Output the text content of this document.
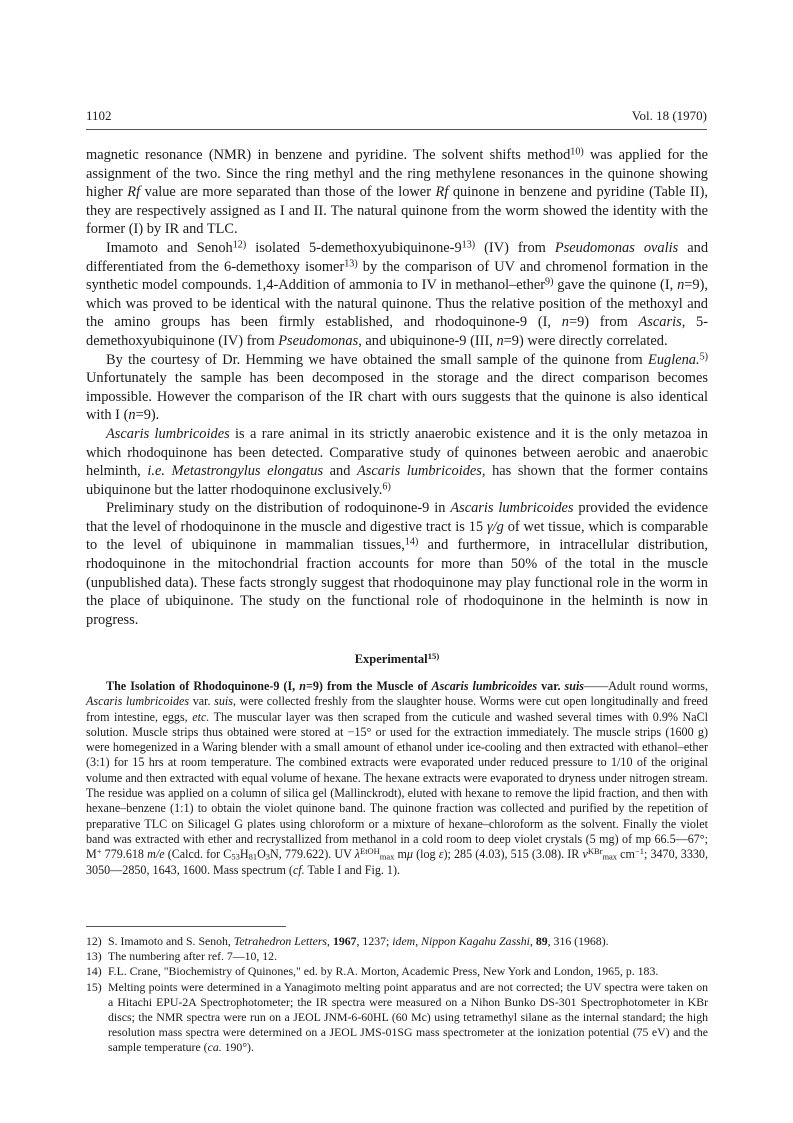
1102	Vol. 18 (1970)

magnetic resonance (NMR) in benzene and pyridine. The solvent shifts method$^{10)}$ was applied for the assignment of the two. Since the ring methyl and the ring methylene resonances in the quinone showing higher Rf value are more separated than those of the lower Rf quinone in benzene and pyridine (Table II), they are respectively assigned as I and II. The natural quinone from the worm showed the identity with the former (I) by IR and TLC.

Imamoto and Senoh$^{12)}$ isolated 5-demethoxyubiquinone-9$^{13)}$ (IV) from Pseudomonas ovalis and differentiated from the 6-demethoxy isomer$^{13)}$ by the comparison of UV and chromenol formation in the synthetic model compounds. 1,4-Addition of ammonia to IV in methanol–ether$^{9)}$ gave the quinone (I, n=9), which was proved to be identical with the natural quinone. Thus the relative position of the methoxyl and the amino groups has been firmly established, and rhodoquinone-9 (I, n=9) from Ascaris, 5-demethoxyubiquinone (IV) from Pseudomonas, and ubiquinone-9 (III, n=9) were directly correlated.

By the courtesy of Dr. Hemming we have obtained the small sample of the quinone from Euglena.$^{5)}$ Unfortunately the sample has been decomposed in the storage and the direct comparison becomes impossible. However the comparison of the IR chart with ours suggests that the quinone is also identical with I (n=9).

Ascaris lumbricoides is a rare animal in its strictly anaerobic existence and it is the only metazoa in which rhodoquinone has been detected. Comparative study of quinones between aerobic and anaerobic helminth, i.e. Metastrongylus elongatus and Ascaris lumbricoides, has shown that the former contains ubiquinone but the latter rhodoquinone exclusively.$^{6)}$

Preliminary study on the distribution of rodoquinone-9 in Ascaris lumbricoides provided the evidence that the level of rhodoquinone in the muscle and digestive tract is 15 γ/g of wet tissue, which is comparable to the level of ubiquinone in mammalian tissues,$^{14)}$ and furthermore, in intracellular distribution, rhodoquinone in the mitochondrial fraction accounts for more than 50% of the total in the muscle (unpublished data). These facts strongly suggest that rhodoquinone may play functional role in the worm in the place of ubiquinone. The study on the functional role of rhodoquinone in the helminth is now in progress.

Experimental$^{15)}$

The Isolation of Rhodoquinone-9 (I, n=9) from the Muscle of Ascaris lumbricoides var. suis——Adult round worms, Ascaris lumbricoides var. suis, were collected freshly from the slaughter house. Worms were cut open longitudinally and freed from intestine, eggs, etc. The muscular layer was then scraped from the cuticule and washed several times with 0.9% NaCl solution. Muscle strips thus obtained were stored at −15° or used for the extraction immediately. The muscle strips (1600 g) were homegenized in a Waring blender with a small amount of ethanol under ice-cooling and then extracted with ethanol–ether (3:1) for 15 hrs at room temperature. The combined extracts were evaporated under reduced pressure to 1/10 of the original volume and then extracted with equal volume of hexane. The hexane extracts were evaporated to dryness under nitrogen stream. The residue was applied on a column of silica gel (Mallinckrodt), eluted with hexane to remove the lipid fraction, and then with hexane–benzene (1:1) to obtain the violet quinone band. The quinone fraction was collected and purified by the repetition of preparative TLC on Silicagel G plates using chloroform or a mixture of hexane–chloroform as the solvent. Finally the violet band was extracted with ether and recrystallized from methanol in a cold room to deep violet crystals (5 mg) of mp 66.5—67°; M+ 779.618 m/e (Calcd. for $C_{53}H_{81}O_3N$, 779.622). UV $\lambda^{EtOH}_{max}$ mμ (log ε); 285 (4.03), 515 (3.08). IR $\nu^{KBr}_{max}$ $cm^{-1}$; 3470, 3330, 3050—2850, 1643, 1600. Mass spectrum (cf. Table I and Fig. 1).

12) S. Imamoto and S. Senoh, Tetrahedron Letters, 1967, 1237; idem, Nippon Kagahu Zasshi, 89, 316 (1968).
13) The numbering after ref. 7—10, 12.
14) F.L. Crane, "Biochemistry of Quinones," ed. by R.A. Morton, Academic Press, New York and London, 1965, p. 183.
15) Melting points were determined in a Yanagimoto melting point apparatus and are not corrected; the UV spectra were taken on a Hitachi EPU-2A Spectrophotometer; the IR spectra were measured on a Nihon Bunko DS-301 Spectrophotometer in KBr discs; the NMR spectra were run on a JEOL JNM-6-60HL (60 Mc) using tetramethyl silane as the internal standard; the high resolution mass spectra were determined on a JEOL JMS-01SG mass spectrometer at the ionization potential (75 eV) and the sample temperature (ca. 190°).
